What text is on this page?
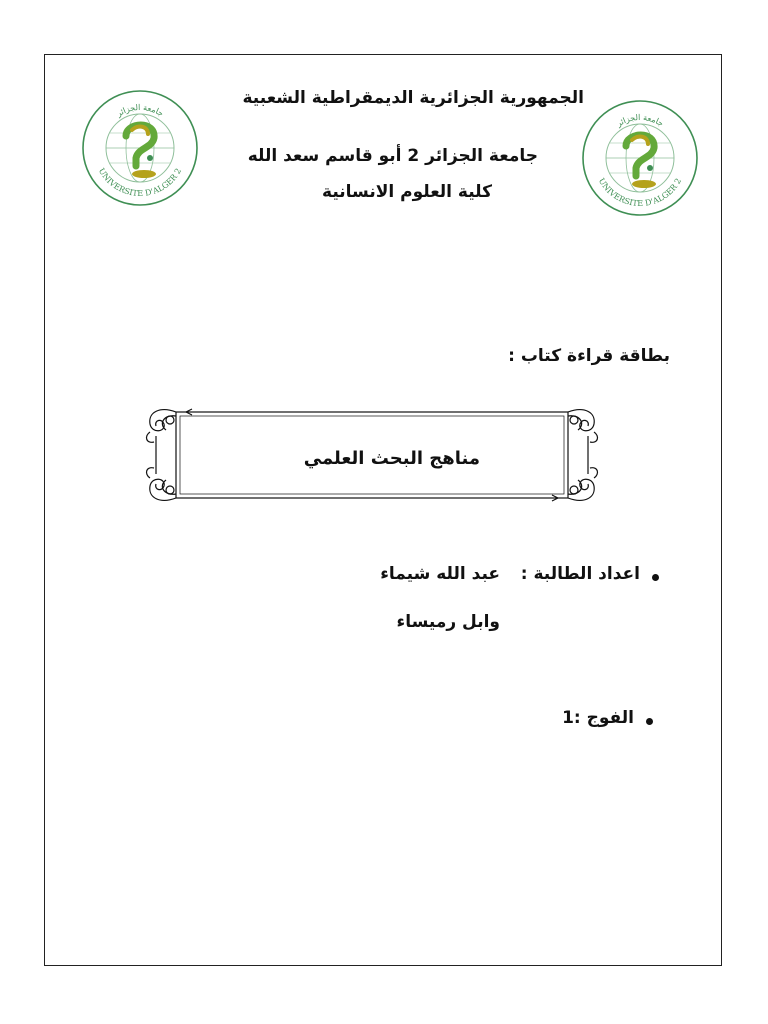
جامعة الجزائر
UNIVERSITE D'ALGER 2
جامعة الجزائر
UNIVERSITE D'ALGER 2
الجمهورية الجزائرية الديمقراطية الشعبية
جامعة الجزائر 2 أبو قاسم سعد الله
كلية العلوم الانسانية
بطاقة قراءة كتاب :
مناهج البحث العلمي
اعداد الطالبة :
عبد الله شيماء
وابل رميساء
الفوج :1
